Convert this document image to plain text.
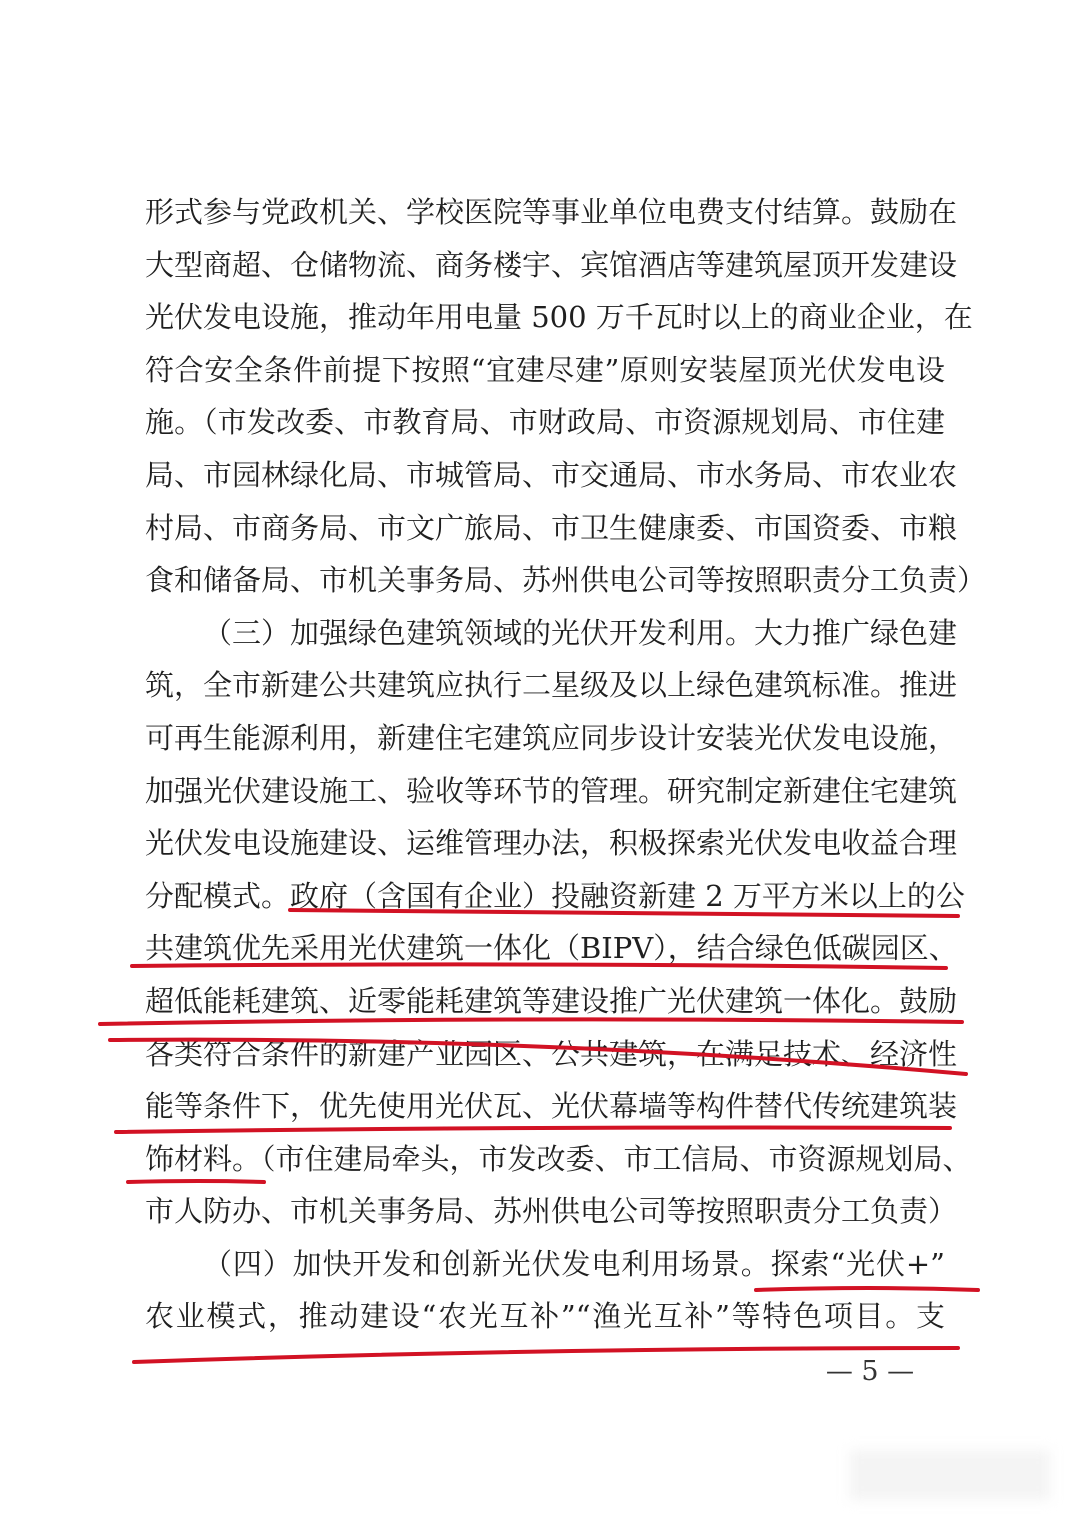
形式参与党政机关、学校医院等事业单位电费支付结算。鼓励在
大型商超、仓储物流、商务楼宇、宾馆酒店等建筑屋顶开发建设
光伏发电设施，推动年用电量 500 万千瓦时以上的商业企业，在
符合安全条件前提下按照“宜建尽建”原则安装屋顶光伏发电设
施。（市发改委、市教育局、市财政局、市资源规划局、市住建
局、市园林绿化局、市城管局、市交通局、市水务局、市农业农
村局、市商务局、市文广旅局、市卫生健康委、市国资委、市粮
食和储备局、市机关事务局、苏州供电公司等按照职责分工负责）
（三）加强绿色建筑领域的光伏开发利用。大力推广绿色建
筑，全市新建公共建筑应执行二星级及以上绿色建筑标准。推进
可再生能源利用，新建住宅建筑应同步设计安装光伏发电设施，
加强光伏建设施工、验收等环节的管理。研究制定新建住宅建筑
光伏发电设施建设、运维管理办法，积极探索光伏发电收益合理
分配模式。政府（含国有企业）投融资新建 2 万平方米以上的公
共建筑优先采用光伏建筑一体化（BIPV），结合绿色低碳园区、
超低能耗建筑、近零能耗建筑等建设推广光伏建筑一体化。鼓励
各类符合条件的新建产业园区、公共建筑，在满足技术、经济性
能等条件下，优先使用光伏瓦、光伏幕墙等构件替代传统建筑装
饰材料。（市住建局牵头，市发改委、市工信局、市资源规划局、
市人防办、市机关事务局、苏州供电公司等按照职责分工负责）
（四）加快开发和创新光伏发电利用场景。探索“光伏+”
农业模式，推动建设“农光互补”“渔光互补”等特色项目。支
— 5 —
